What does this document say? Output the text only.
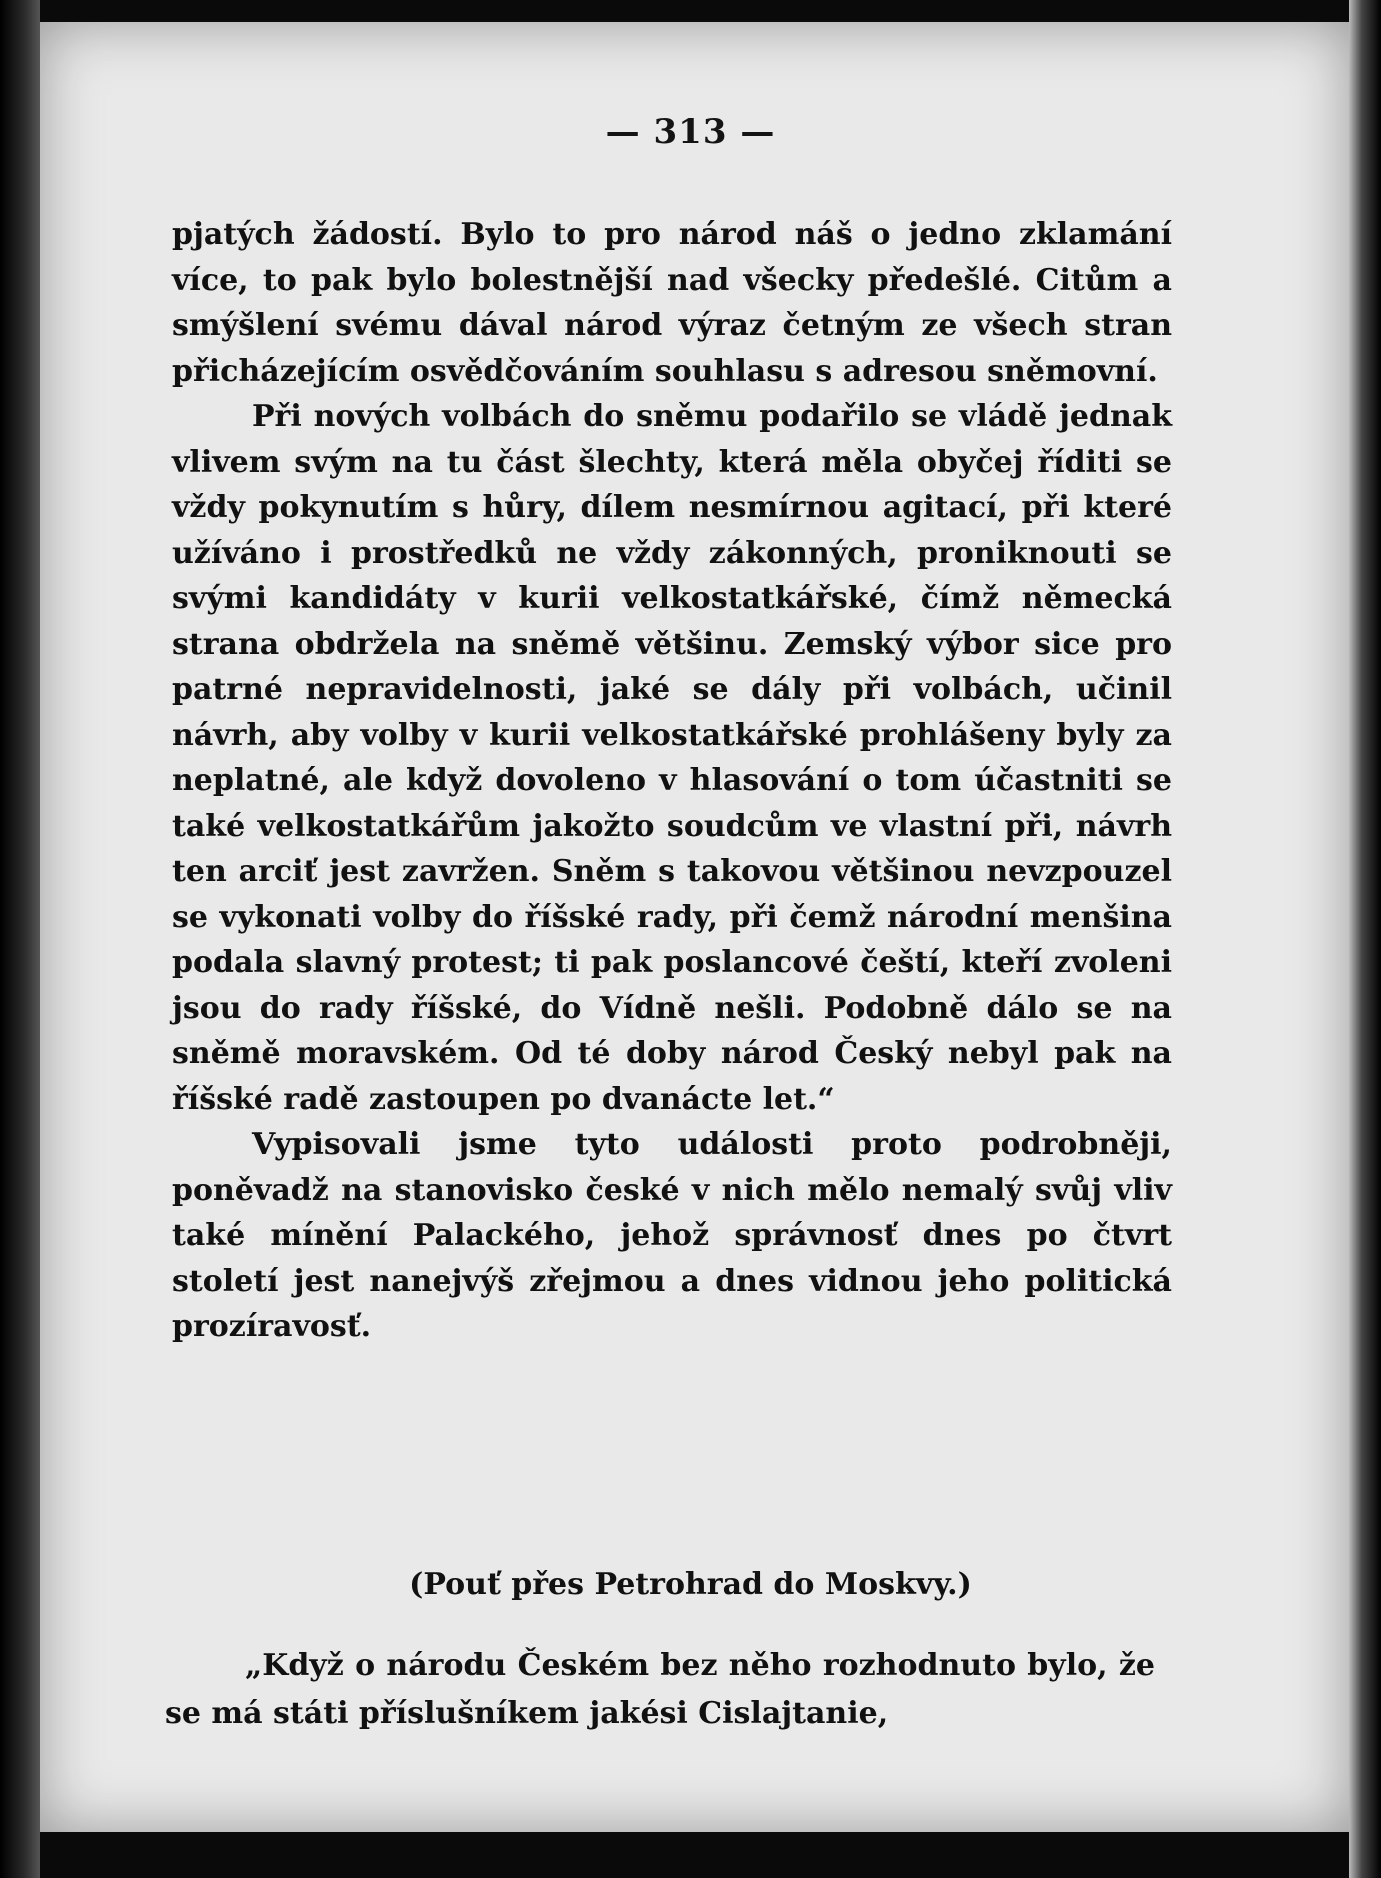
— 313 —

pjatých žádostí. Bylo to pro národ náš o jedno zklamání více, to pak bylo bolestnější nad všecky předešlé. Citům a smýšlení svému dával národ výraz četným ze všech stran přicházejícím osvědčováním souhlasu s adresou sněmovní.

Při nových volbách do sněmu podařilo se vládě jednak vlivem svým na tu část šlechty, která měla obyčej říditi se vždy pokynutím s hůry, dílem nesmírnou agitací, při které užíváno i prostředků ne vždy zákonných, proniknouti se svými kandidáty v kurii velkostatkářské, čímž německá strana obdržela na sněmě většinu. Zemský výbor sice pro patrné nepravidelnosti, jaké se dály při volbách, učinil návrh, aby volby v kurii velkostatkářské prohlášeny byly za neplatné, ale když dovoleno v hlasování o tom účastniti se také velkostatkářům jakožto soudcům ve vlastní při, návrh ten arciť jest zavržen. Sněm s takovou většinou nevzpouzel se vykonati volby do říšské rady, při čemž národní menšina podala slavný protest; ti pak poslancové čeští, kteří zvoleni jsou do rady říšské, do Vídně nešli. Podobně dálo se na sněmě moravském. Od té doby národ Český nebyl pak na říšské radě zastoupen po dvanácte let.“

Vypisovali jsme tyto události proto podrobněji, poněvadž na stanovisko české v nich mělo nemalý svůj vliv také mínění Palackého, jehož správnosť dnes po čtvrt století jest nanejvýš zřejmou a dnes vidnou jeho politická prozíravosť.

(Pouť přes Petrohrad do Moskvy.)

„Když o národu Českém bez něho rozhodnuto bylo, že se má státi příslušníkem jakési Cislajtanie,
